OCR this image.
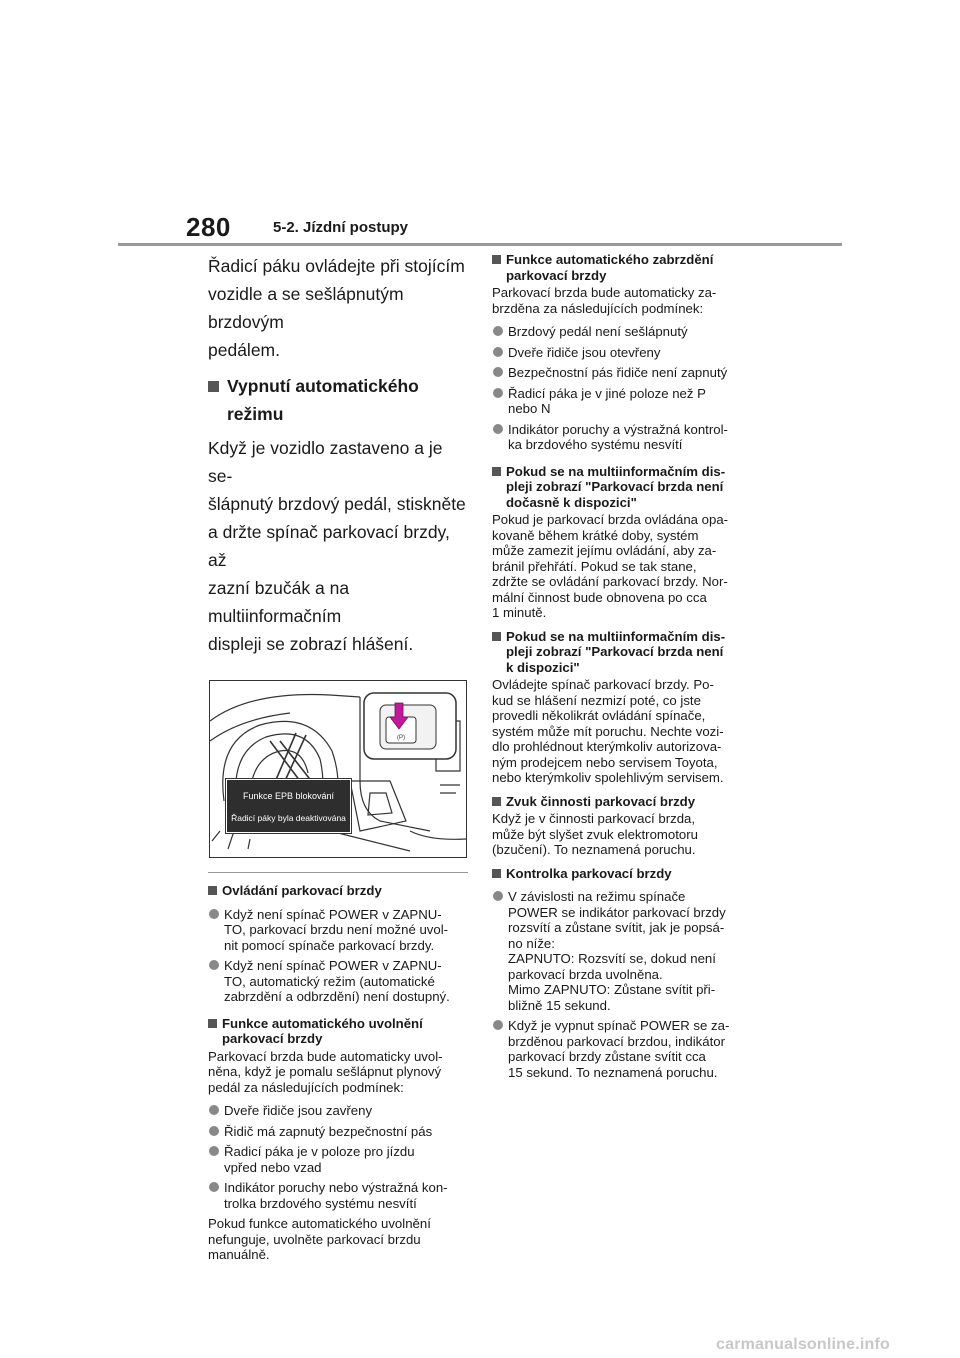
280	5-2. Jízdní postupy

Řadicí páku ovládejte při stojícím
vozidle a se sešlápnutým brzdovým
pedálem.

Vypnutí automatického režimu

Když je vozidlo zastaveno a je se-
šlápnutý brzdový pedál, stiskněte
a držte spínač parkovací brzdy, až
zazní bzučák a na multiinformačním
displeji se zobrazí hlášení.

(P)
Funkce EPB blokování
Řadicí páky byla deaktivována
Ovládání parkovací brzdy
Když není spínač POWER v ZAPNU-
TO, parkovací brzdu není možné uvol-
nit pomocí spínače parkovací brzdy.
Když není spínač POWER v ZAPNU-
TO, automatický režim (automatické
zabrzdění a odbrzdění) není dostupný.
Funkce automatického uvolnění
parkovací brzdy

Parkovací brzda bude automaticky uvol-
něna, když je pomalu sešlápnut plynový
pedál za následujících podmínek:

Dveře řidiče jsou zavřeny
Řidič má zapnutý bezpečnostní pás
Řadicí páka je v poloze pro jízdu
vpřed nebo vzad
Indikátor poruchy nebo výstražná kon-
trolka brzdového systému nesvítí

Pokud funkce automatického uvolnění
nefunguje, uvolněte parkovací brzdu
manuálně.

Funkce automatického zabrzdění
parkovací brzdy

Parkovací brzda bude automaticky za-
brzděna za následujících podmínek:

Brzdový pedál není sešlápnutý
Dveře řidiče jsou otevřeny
Bezpečnostní pás řidiče není zapnutý
Řadicí páka je v jiné poloze než P
nebo N
Indikátor poruchy a výstražná kontrol-
ka brzdového systému nesvítí
Pokud se na multiinformačním dis-
pleji zobrazí "Parkovací brzda není
dočasně k dispozici"

Pokud je parkovací brzda ovládána opa-
kovaně během krátké doby, systém
může zamezit jejímu ovládání, aby za-
bránil přehřátí. Pokud se tak stane,
zdržte se ovládání parkovací brzdy. Nor-
mální činnost bude obnovena po cca
1 minutě.

Pokud se na multiinformačním dis-
pleji zobrazí "Parkovací brzda není
k dispozici"

Ovládejte spínač parkovací brzdy. Po-
kud se hlášení nezmizí poté, co jste
provedli několikrát ovládání spínače,
systém může mít poruchu. Nechte vozi-
dlo prohlédnout kterýmkoliv autorizova-
ným prodejcem nebo servisem Toyota,
nebo kterýmkoliv spolehlivým servisem.

Zvuk činnosti parkovací brzdy

Když je v činnosti parkovací brzda,
může být slyšet zvuk elektromotoru
(bzučení). To neznamená poruchu.

Kontrolka parkovací brzdy
V závislosti na režimu spínače
POWER se indikátor parkovací brzdy
rozsvítí a zůstane svítit, jak je popsá-
no níže:
ZAPNUTO: Rozsvítí se, dokud není
parkovací brzda uvolněna.
Mimo ZAPNUTO: Zůstane svítit při-
bližně 15 sekund.
Když je vypnut spínač POWER se za-
brzděnou parkovací brzdou, indikátor
parkovací brzdy zůstane svítit cca
15 sekund. To neznamená poruchu.
carmanualsonline.info
